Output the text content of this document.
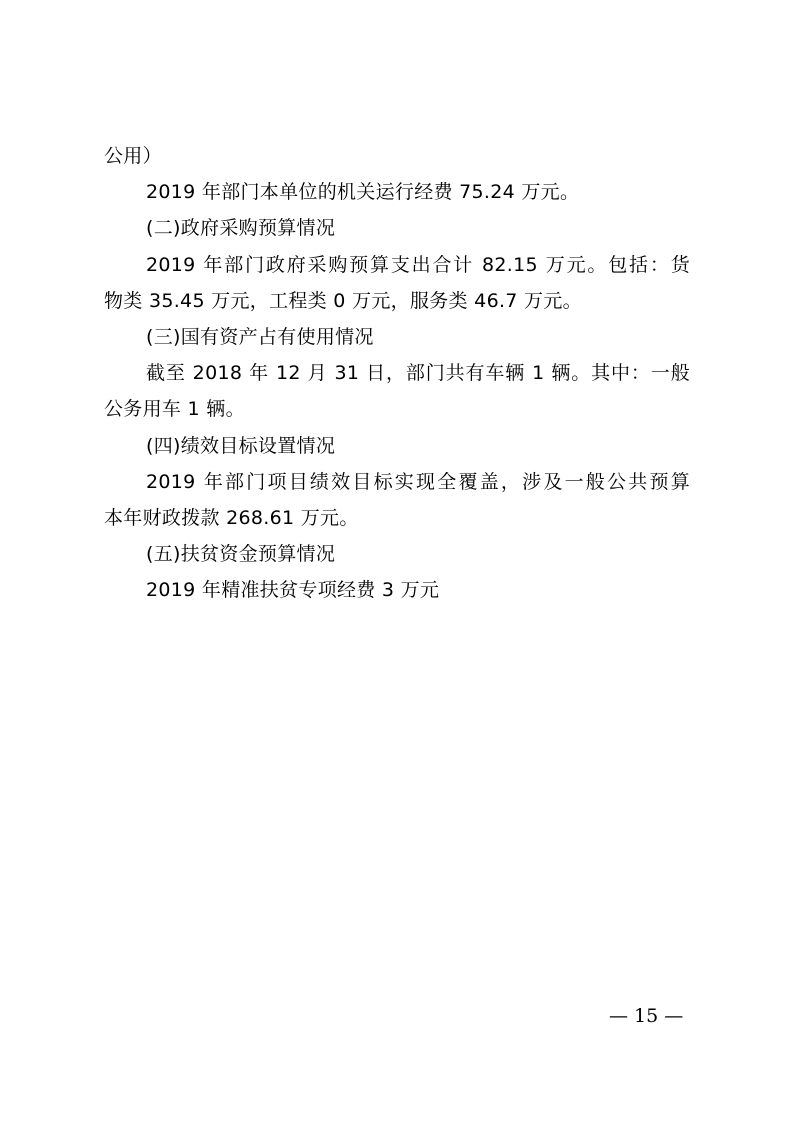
公用）
2019 年部门本单位的机关运行经费 75.24 万元。
(二)政府采购预算情况
2019 年部门政府采购预算支出合计 82.15 万元。包括：货
物类 35.45 万元，工程类 0 万元，服务类 46.7 万元。
(三)国有资产占有使用情况
截至 2018 年 12 月 31 日，部门共有车辆 1 辆。其中：一般
公务用车 1 辆。
(四)绩效目标设置情况
2019 年部门项目绩效目标实现全覆盖，涉及一般公共预算
本年财政拨款 268.61 万元。
(五)扶贫资金预算情况
2019 年精准扶贫专项经费 3 万元
— 15 —
